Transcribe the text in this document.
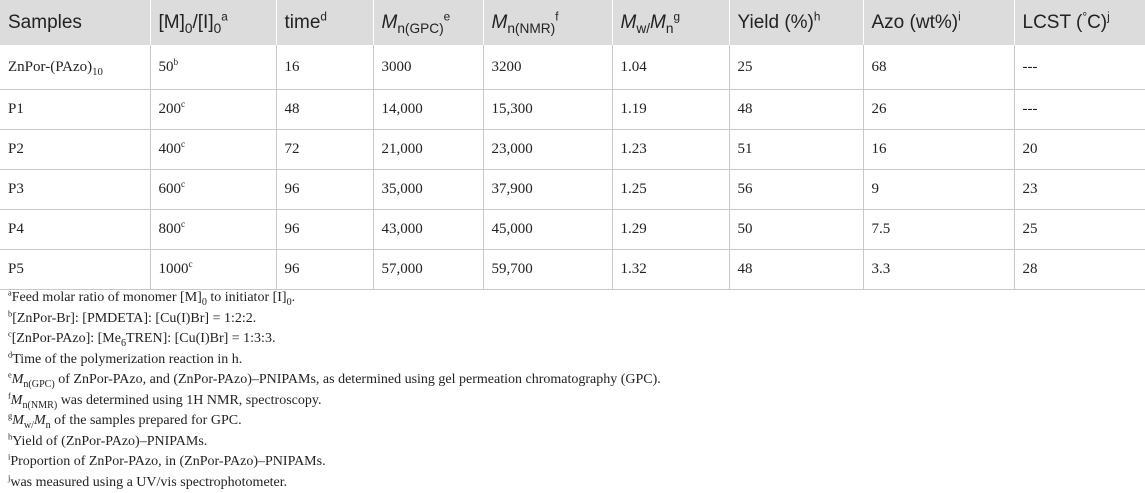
Samples	$[M]_0/[I]_0^a$	time$^d$	$M_{n(GPC)}^e$	$M_{n(NMR)}^f$	$M_{w/}M_n^g$	Yield (%)$^h$	Azo $(wt\%)^i$	LCST $(^\circ C)^j$
ZnPor-$(PAzo)_{10}$	50$^b$	16	3000	3200	1.04	25	68	---
P1	200$^c$	48	14,000	15,300	1.19	48	26	---
P2	400$^c$	72	21,000	23,000	1.23	51	16	20
P3	600$^c$	96	35,000	37,900	1.25	56	9	23
P4	800$^c$	96	43,000	45,000	1.29	50	7.5	25
P5	1000$^c$	96	57,000	59,700	1.32	48	3.3	28
$^a$Feed molar ratio of monomer $[M]_0$ to initiator $[I]_0$.
$^b$[ZnPor-Br]: [PMDETA]: [Cu(I)Br] = 1:2:2.
$^c$[ZnPor-PAzo]: $[Me_6TREN]$: [Cu(I)Br] = 1:3:3.
$^d$Time of the polymerization reaction in h.
$^eM_{n(GPC)}$ of ZnPor-PAzo, and (ZnPor-PAzo)–PNIPAMs, as determined using gel permeation chromatography (GPC).
$^fM_{n(NMR)}$ was determined using 1H NMR, spectroscopy.
$^gM_{w/}M_n$ of the samples prepared for GPC.
$^h$Yield of (ZnPor-PAzo)–PNIPAMs.
$^i$Proportion of ZnPor-PAzo, in (ZnPor-PAzo)–PNIPAMs.
$^j$was measured using a UV/vis spectrophotometer.
